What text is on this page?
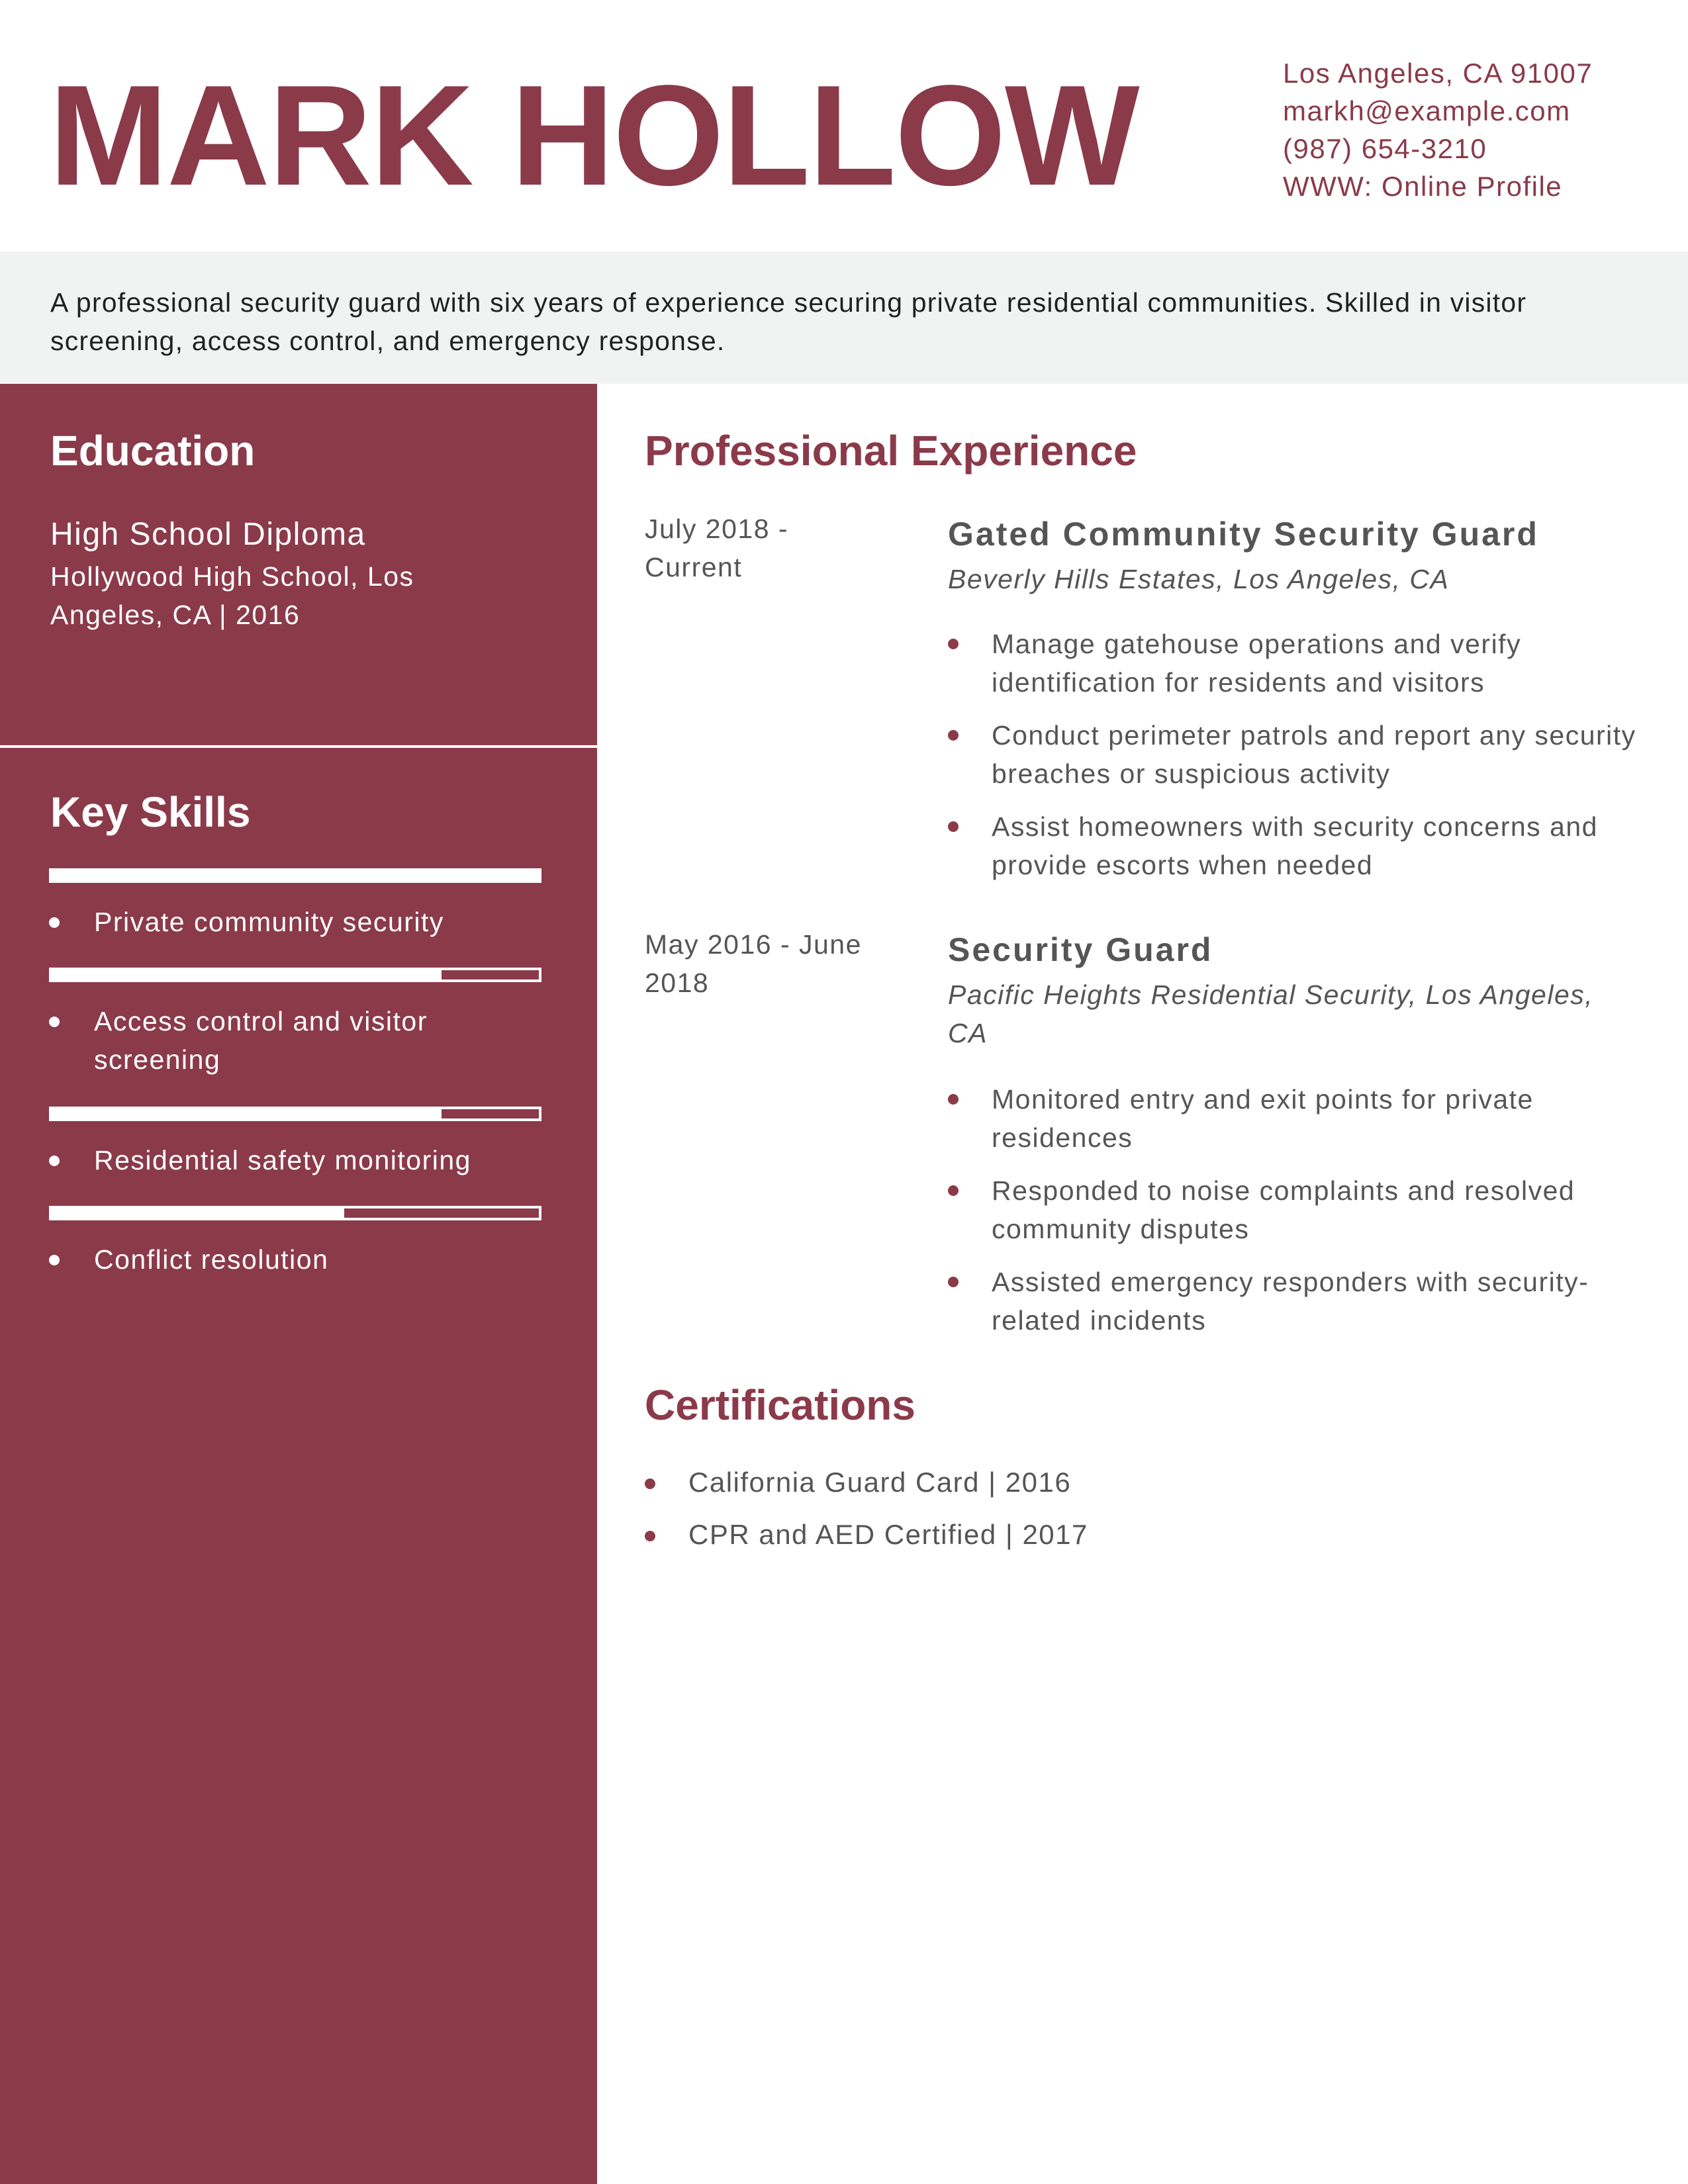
MARK HOLLOW	Los Angeles, CA 91007
markh@example.com
(987) 654-3210
WWW: Online Profile

A professional security guard with six years of experience securing private residential communities. Skilled in visitor screening, access control, and emergency response.

Education
High School Diploma
Hollywood High School, Los Angeles, CA | 2016
Key Skills
Private community security
Access control and visitor screening
Residential safety monitoring
Conflict resolution
Professional Experience
July 2018 - Current
Gated Community Security Guard
Beverly Hills Estates, Los Angeles, CA
Manage gatehouse operations and verify identification for residents and visitors
Conduct perimeter patrols and report any security breaches or suspicious activity
Assist homeowners with security concerns and provide escorts when needed
May 2016 - June 2018
Security Guard
Pacific Heights Residential Security, Los Angeles, CA
Monitored entry and exit points for private residences
Responded to noise complaints and resolved community disputes
Assisted emergency responders with security-related incidents
Certifications
California Guard Card | 2016
CPR and AED Certified | 2017
